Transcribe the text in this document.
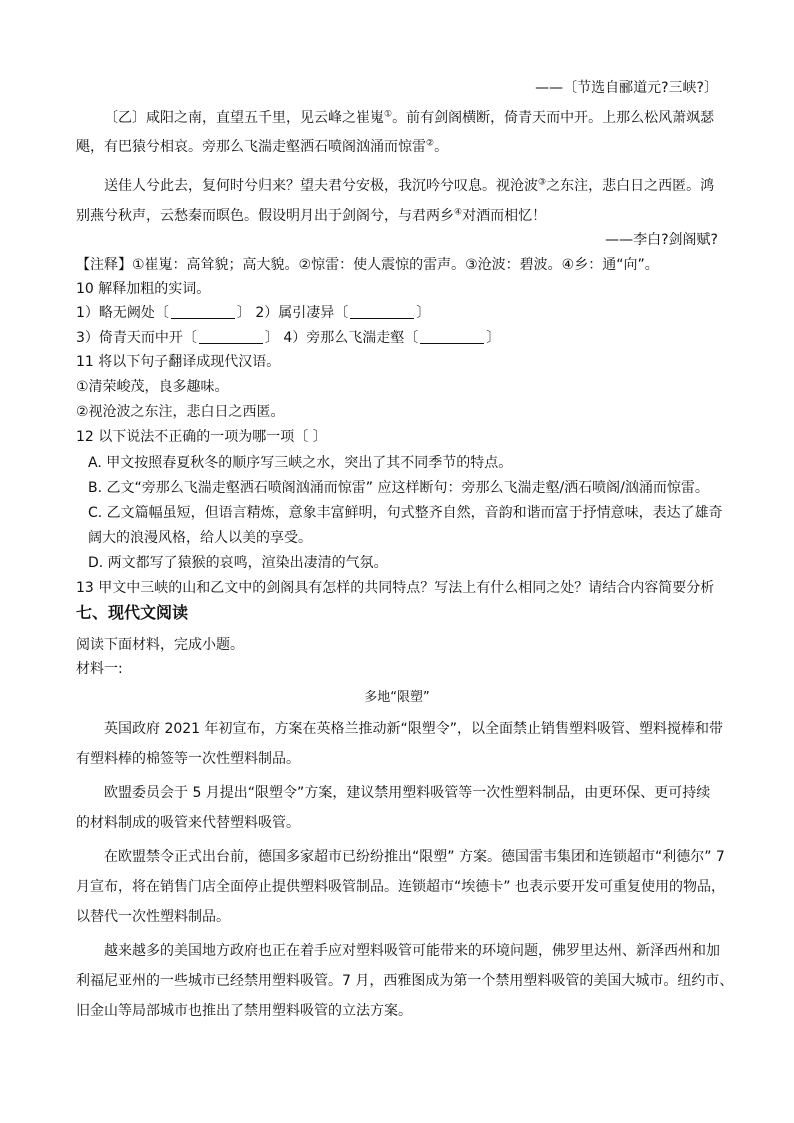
——〔节选自郦道元?三峡?〕
〔乙〕咸阳之南，直望五千里，见云峰之崔嵬①。前有剑阁横断，倚青天而中开。上那么松风萧飒瑟
飓，有巴猿兮相哀。旁那么飞湍走壑洒石喷阁汹涌而惊雷②。
送佳人兮此去，复何时兮归来？望夫君兮安极，我沉吟兮叹息。视沧波③之东注，悲白日之西匿。鸿
别燕兮秋声，云愁秦而暝色。假设明月出于剑阁兮，与君两乡④对酒而相忆！
——李白?剑阁赋?
【注释】①崔嵬：高耸貌；高大貌。②惊雷：使人震惊的雷声。③沧波：碧波。④乡：通“向”。
10 解释加粗的实词。
1）略无阙处〔	〕 2）属引凄异〔	〕
3）倚青天而中开〔	〕 4）旁那么飞湍走壑〔	〕
11 将以下句子翻译成现代汉语。
①清荣峻茂，良多趣味。
②视沧波之东注，悲白日之西匿。
12 以下说法不正确的一项为哪一项〔 〕
A. 甲文按照春夏秋冬的顺序写三峡之水，突出了其不同季节的特点。
B. 乙文“旁那么飞湍走壑洒石喷阁汹涌而惊雷” 应这样断句：旁那么飞湍走壑/洒石喷阁/汹涌而惊雷。
C. 乙文篇幅虽短，但语言精炼，意象丰富鲜明，句式整齐自然，音韵和谐而富于抒情意味，表达了雄奇
阔大的浪漫风格，给人以美的享受。
D. 两文都写了猿猴的哀鸣，渲染出凄清的气氛。
13 甲文中三峡的山和乙文中的剑阁具有怎样的共同特点？写法上有什么相同之处？请结合内容简要分析
七、现代文阅读
阅读下面材料，完成小题。
材料一:
多地“限塑”
英国政府 2021 年初宣布，方案在英格兰推动新“限塑令”，以全面禁止销售塑料吸管、塑料搅棒和带
有塑料棒的棉签等一次性塑料制品。
欧盟委员会于 5 月提出“限塑令”方案，建议禁用塑料吸管等一次性塑料制品，由更环保、更可持续
的材料制成的吸管来代替塑料吸管。
在欧盟禁令正式出台前，德国多家超市已纷纷推出“限塑” 方案。德国雷韦集团和连锁超市“利德尔” 7
月宣布，将在销售门店全面停止提供塑料吸管制品。连锁超市“埃德卡” 也表示要开发可重复使用的物品，
以替代一次性塑料制品。
越来越多的美国地方政府也正在着手应对塑料吸管可能带来的环境问题，佛罗里达州、新泽西州和加
利福尼亚州的一些城市已经禁用塑料吸管。7 月，西雅图成为第一个禁用塑料吸管的美国大城市。纽约市、
旧金山等局部城市也推出了禁用塑料吸管的立法方案。
